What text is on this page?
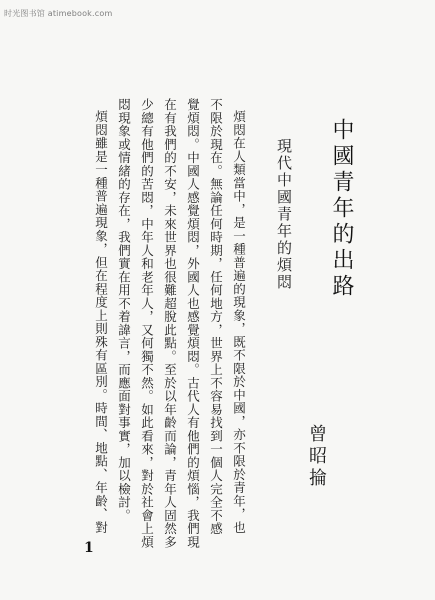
时光图书馆 atimebook.com
中國青年的出路
現代中國青年的煩悶
曾昭掄
煩悶在人類當中，是一種普遍的現象，既不限於中國，亦不限於青年，也
不限於現在。無論任何時期，任何地方，世界上不容易找到一個人完全不感
覺煩悶。中國人感覺煩悶，外國人也感覺煩悶。古代人有他們的煩惱，我們現
在有我們的不安，未來世界也很難超脫此點。至於以年齡而論，青年人固然多
少總有他們的苦悶，中年人和老年人，又何獨不然。如此看來，對於社會上煩
悶現象或情緒的存在，我們實在用不着諱言，而應面對事實，加以檢討。
煩悶雖是一種普遍現象，但在程度上則殊有區別。時間、地點、年齡、對
1
